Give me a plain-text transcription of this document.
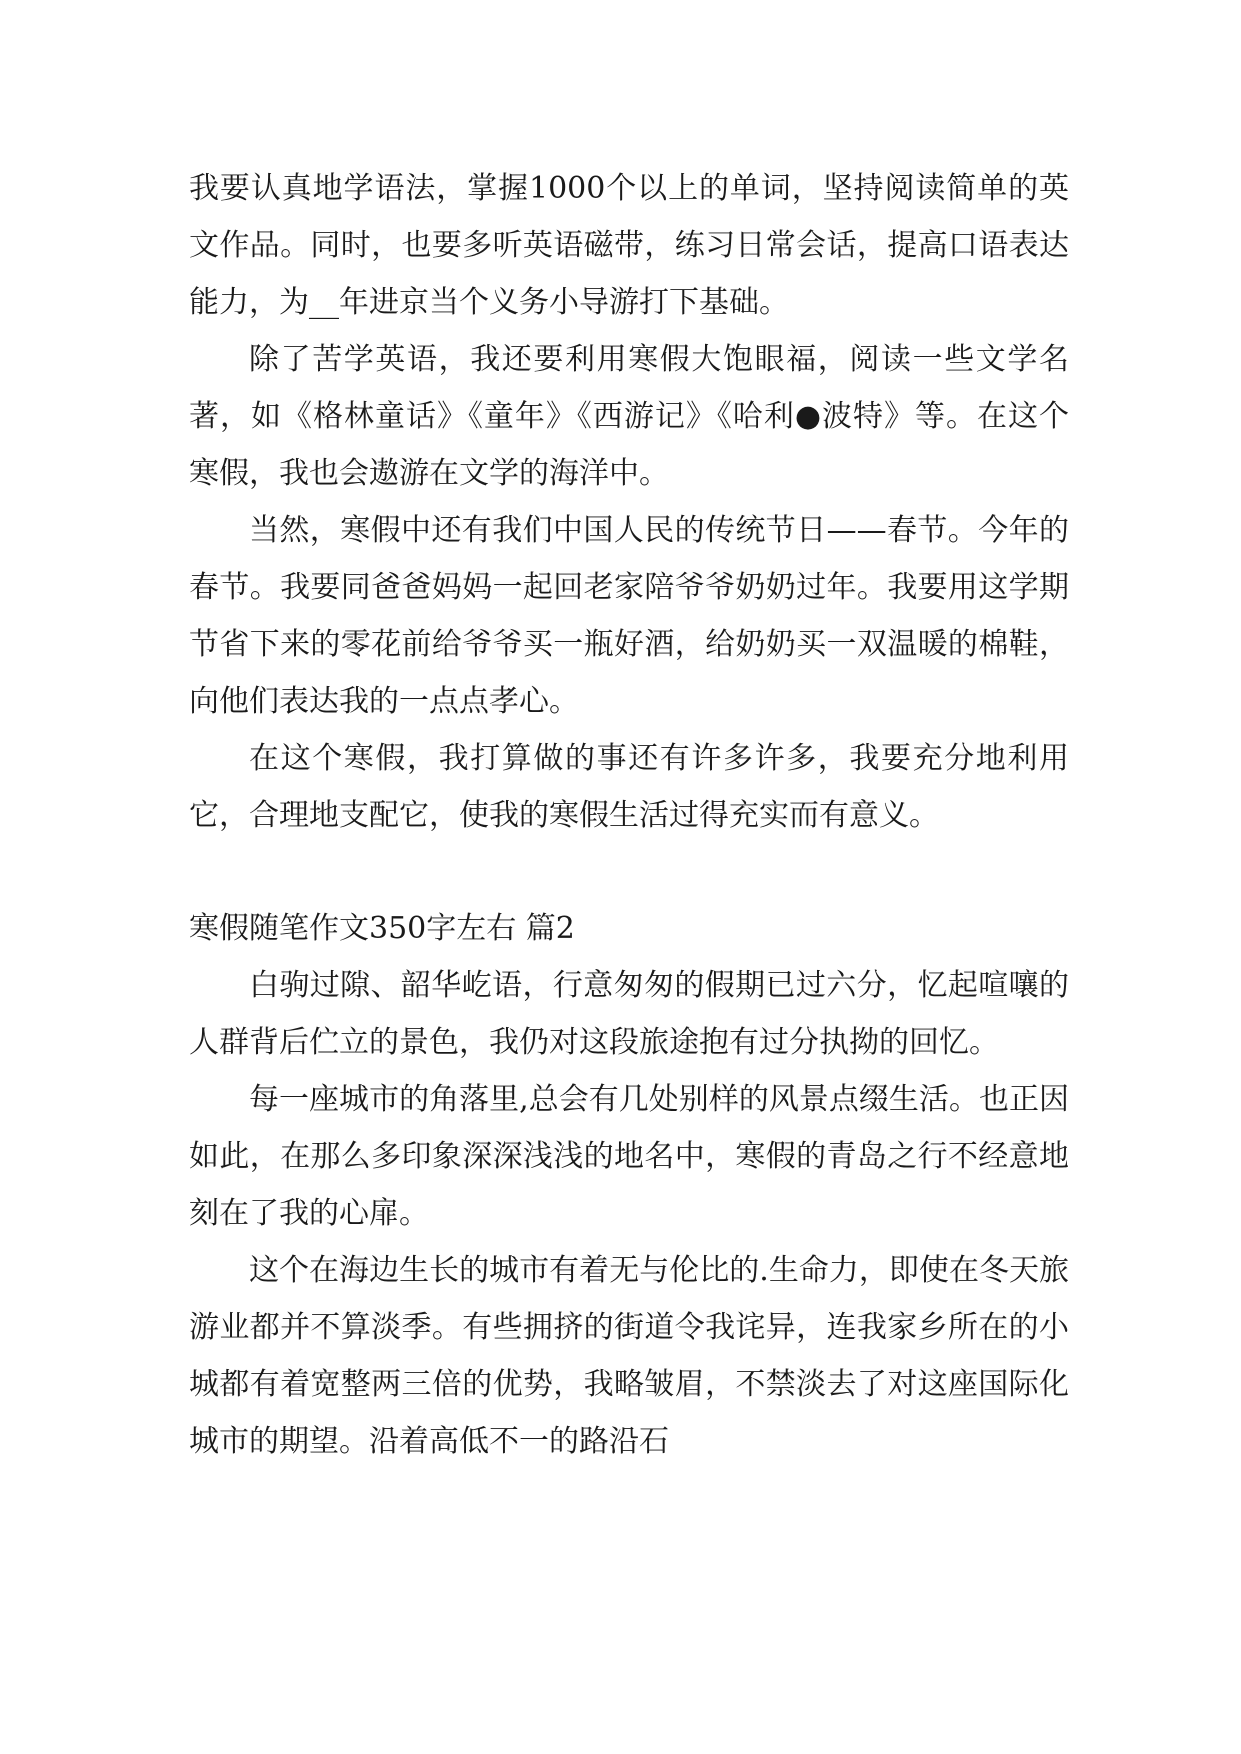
我要认真地学语法，掌握1000个以上的单词，坚持阅读简单的英文作品。同时，也要多听英语磁带，练习日常会话，提高口语表达能力，为__年进京当个义务小导游打下基础。

除了苦学英语，我还要利用寒假大饱眼福，阅读一些文学名著，如《格林童话》《童年》《西游记》《哈利●波特》等。在这个寒假，我也会遨游在文学的海洋中。

当然，寒假中还有我们中国人民的传统节日——春节。今年的春节。我要同爸爸妈妈一起回老家陪爷爷奶奶过年。我要用这学期节省下来的零花前给爷爷买一瓶好酒，给奶奶买一双温暖的棉鞋，向他们表达我的一点点孝心。

在这个寒假，我打算做的事还有许多许多，我要充分地利用它，合理地支配它，使我的寒假生活过得充实而有意义。

寒假随笔作文350字左右 篇2

白驹过隙、韶华屹语，行意匆匆的假期已过六分，忆起喧嚷的人群背后伫立的景色，我仍对这段旅途抱有过分执拗的回忆。

每一座城市的角落里,总会有几处别样的风景点缀生活。也正因如此，在那么多印象深深浅浅的地名中，寒假的青岛之行不经意地刻在了我的心扉。

这个在海边生长的城市有着无与伦比的.生命力，即使在冬天旅游业都并不算淡季。有些拥挤的街道令我诧异，连我家乡所在的小城都有着宽整两三倍的优势，我略皱眉，不禁淡去了对这座国际化城市的期望。沿着高低不一的路沿石
